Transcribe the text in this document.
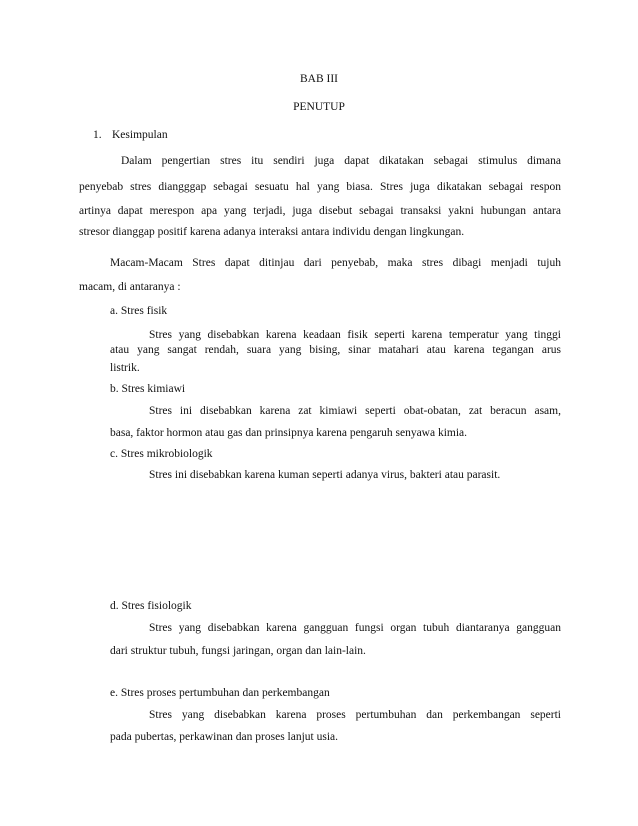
BAB III
PENUTUP
1. Kesimpulan
Dalam pengertian stres itu sendiri juga dapat dikatakan sebagai stimulus dimana
penyebab stres diangggap sebagai sesuatu hal yang biasa. Stres juga dikatakan sebagai respon
artinya dapat merespon apa yang terjadi, juga disebut sebagai transaksi yakni hubungan antara
stresor dianggap positif karena adanya interaksi antara individu dengan lingkungan.
Macam-Macam Stres dapat ditinjau dari penyebab, maka stres dibagi menjadi tujuh
macam, di antaranya :
a. Stres fisik
Stres yang disebabkan karena keadaan fisik seperti karena temperatur yang tinggi
atau yang sangat rendah, suara yang bising, sinar matahari atau karena tegangan arus
listrik.
b. Stres kimiawi
Stres ini disebabkan karena zat kimiawi seperti obat-obatan, zat beracun asam,
basa, faktor hormon atau gas dan prinsipnya karena pengaruh senyawa kimia.
c. Stres mikrobiologik
Stres ini disebabkan karena kuman seperti adanya virus, bakteri atau parasit.
d. Stres fisiologik
Stres yang disebabkan karena gangguan fungsi organ tubuh diantaranya gangguan
dari struktur tubuh, fungsi jaringan, organ dan lain-lain.
e. Stres proses pertumbuhan dan perkembangan
Stres yang disebabkan karena proses pertumbuhan dan perkembangan seperti
pada pubertas, perkawinan dan proses lanjut usia.
